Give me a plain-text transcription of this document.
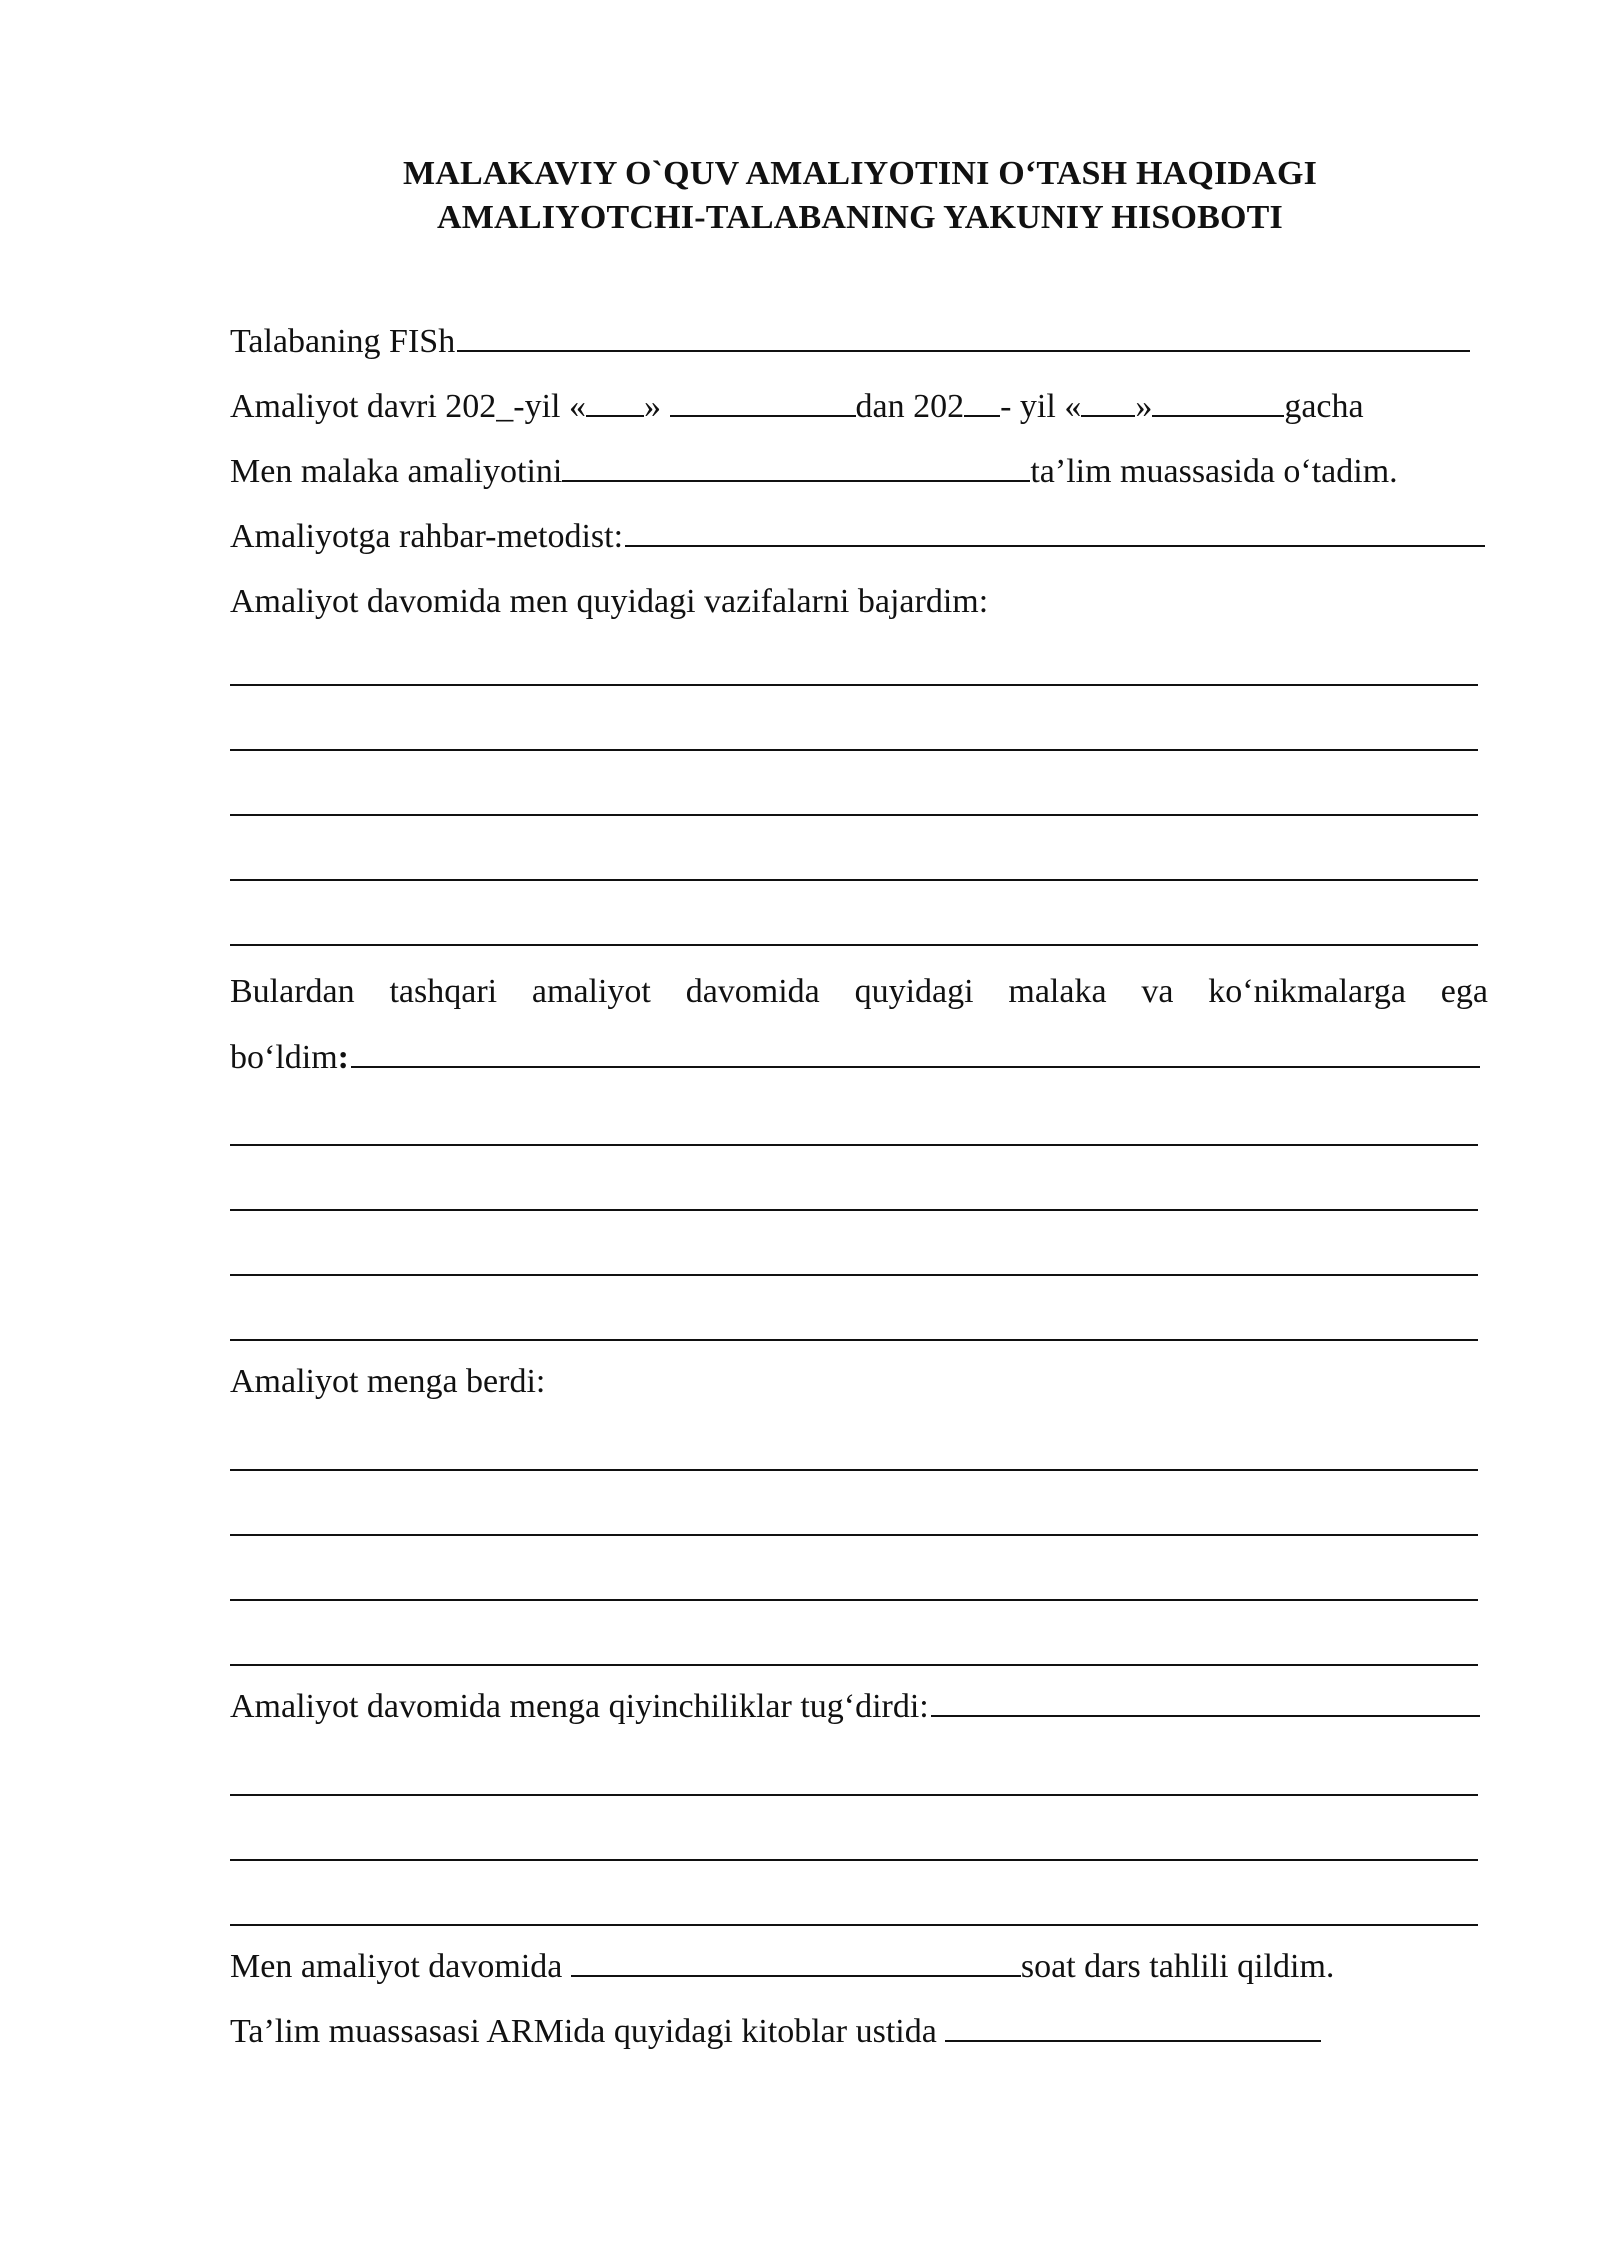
MALAKAVIY O`QUV AMALIYOTINI O‘TASH HAQIDAGI
AMALIYOTCHI-TALABANING YAKUNIY HISOBOTI
Talabaning FISh
Amaliyot davri 202_-yil « »	dan 202 - yil « »	gacha
Men malaka amaliyotini	ta’lim muassasida o‘tadim.
Amaliyotga rahbar-metodist:
Amaliyot davomida men quyidagi vazifalarni bajardim:
Bulardan tashqari amaliyot davomida quyidagi malaka va ko‘nikmalarga ega
bo‘ldim :
Amaliyot menga berdi:
Amaliyot davomida menga qiyinchiliklar tug‘dirdi:
Men amaliyot davomida	soat dars tahlili qildim.
Ta’lim muassasasi ARMida quyidagi kitoblar ustida
